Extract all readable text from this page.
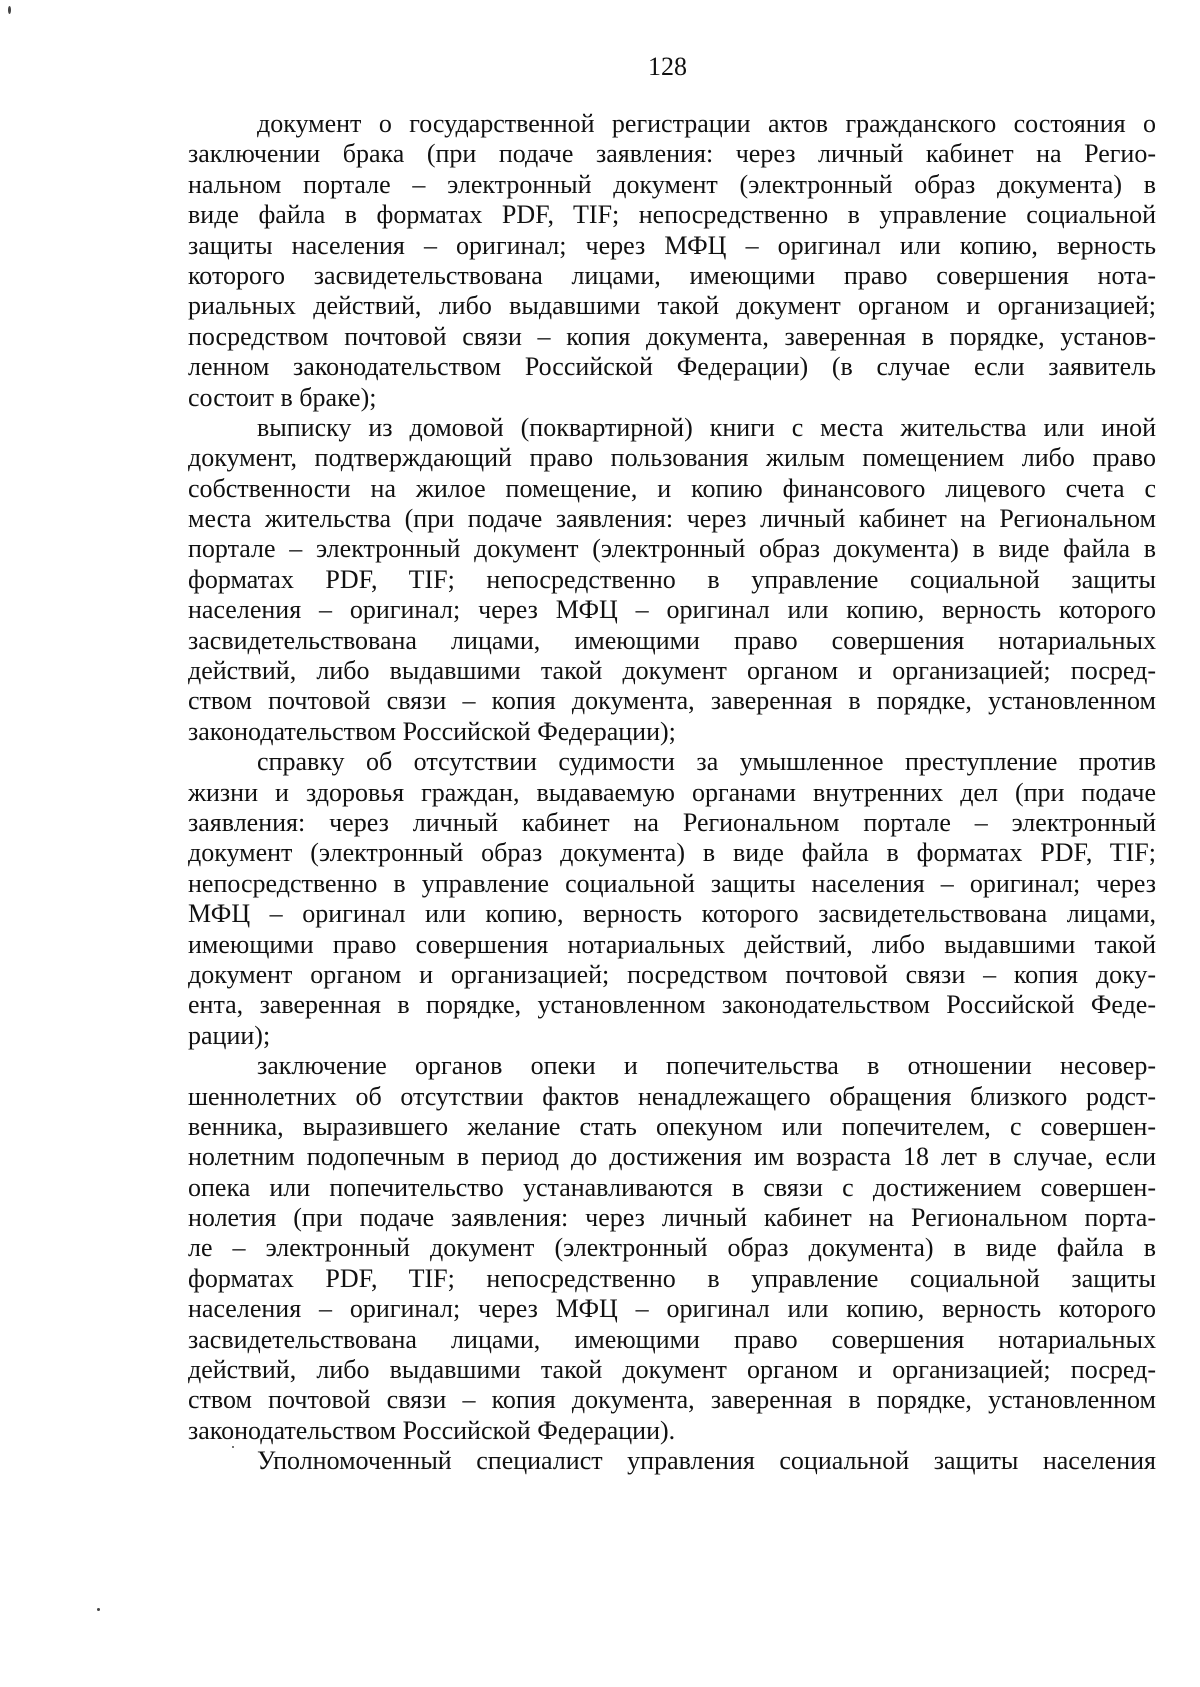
128
документ о государственной регистрации актов гражданского состояния о
заключении брака (при подаче заявления: через личный кабинет на Регио-
нальном портале – электронный документ (электронный образ документа) в
виде файла в форматах PDF, TIF; непосредственно в управление социальной
защиты населения – оригинал; через МФЦ – оригинал или копию, верность
которого засвидетельствована лицами, имеющими право совершения нота-
риальных действий, либо выдавшими такой документ органом и организацией;
посредством почтовой связи – копия документа, заверенная в порядке, установ-
ленном законодательством Российской Федерации) (в случае если заявитель
состоит в браке);
выписку из домовой (поквартирной) книги с места жительства или иной
документ, подтверждающий право пользования жилым помещением либо право
собственности на жилое помещение, и копию финансового лицевого счета с
места жительства (при подаче заявления: через личный кабинет на Региональном
портале – электронный документ (электронный образ документа) в виде файла в
форматах PDF, TIF; непосредственно в управление социальной защиты
населения – оригинал; через МФЦ – оригинал или копию, верность которого
засвидетельствована лицами, имеющими право совершения нотариальных
действий, либо выдавшими такой документ органом и организацией; посред-
ством почтовой связи – копия документа, заверенная в порядке, установленном
законодательством Российской Федерации);
справку об отсутствии судимости за умышленное преступление против
жизни и здоровья граждан, выдаваемую органами внутренних дел (при подаче
заявления: через личный кабинет на Региональном портале – электронный
документ (электронный образ документа) в виде файла в форматах PDF, TIF;
непосредственно в управление социальной защиты населения – оригинал; через
МФЦ – оригинал или копию, верность которого засвидетельствована лицами,
имеющими право совершения нотариальных действий, либо выдавшими такой
документ органом и организацией; посредством почтовой связи – копия доку-
ента, заверенная в порядке, установленном законодательством Российской Феде-
рации);
заключение органов опеки и попечительства в отношении несовер-
шеннолетних об отсутствии фактов ненадлежащего обращения близкого родст-
венника, выразившего желание стать опекуном или попечителем, с совершен-
нолетним подопечным в период до достижения им возраста 18 лет в случае, если
опека или попечительство устанавливаются в связи с достижением совершен-
нолетия (при подаче заявления: через личный кабинет на Региональном порта-
ле – электронный документ (электронный образ документа) в виде файла в
форматах PDF, TIF; непосредственно в управление социальной защиты
населения – оригинал; через МФЦ – оригинал или копию, верность которого
засвидетельствована лицами, имеющими право совершения нотариальных
действий, либо выдавшими такой документ органом и организацией; посред-
ством почтовой связи – копия документа, заверенная в порядке, установленном
законодательством Российской Федерации).
Уполномоченный специалист управления социальной защиты населения
